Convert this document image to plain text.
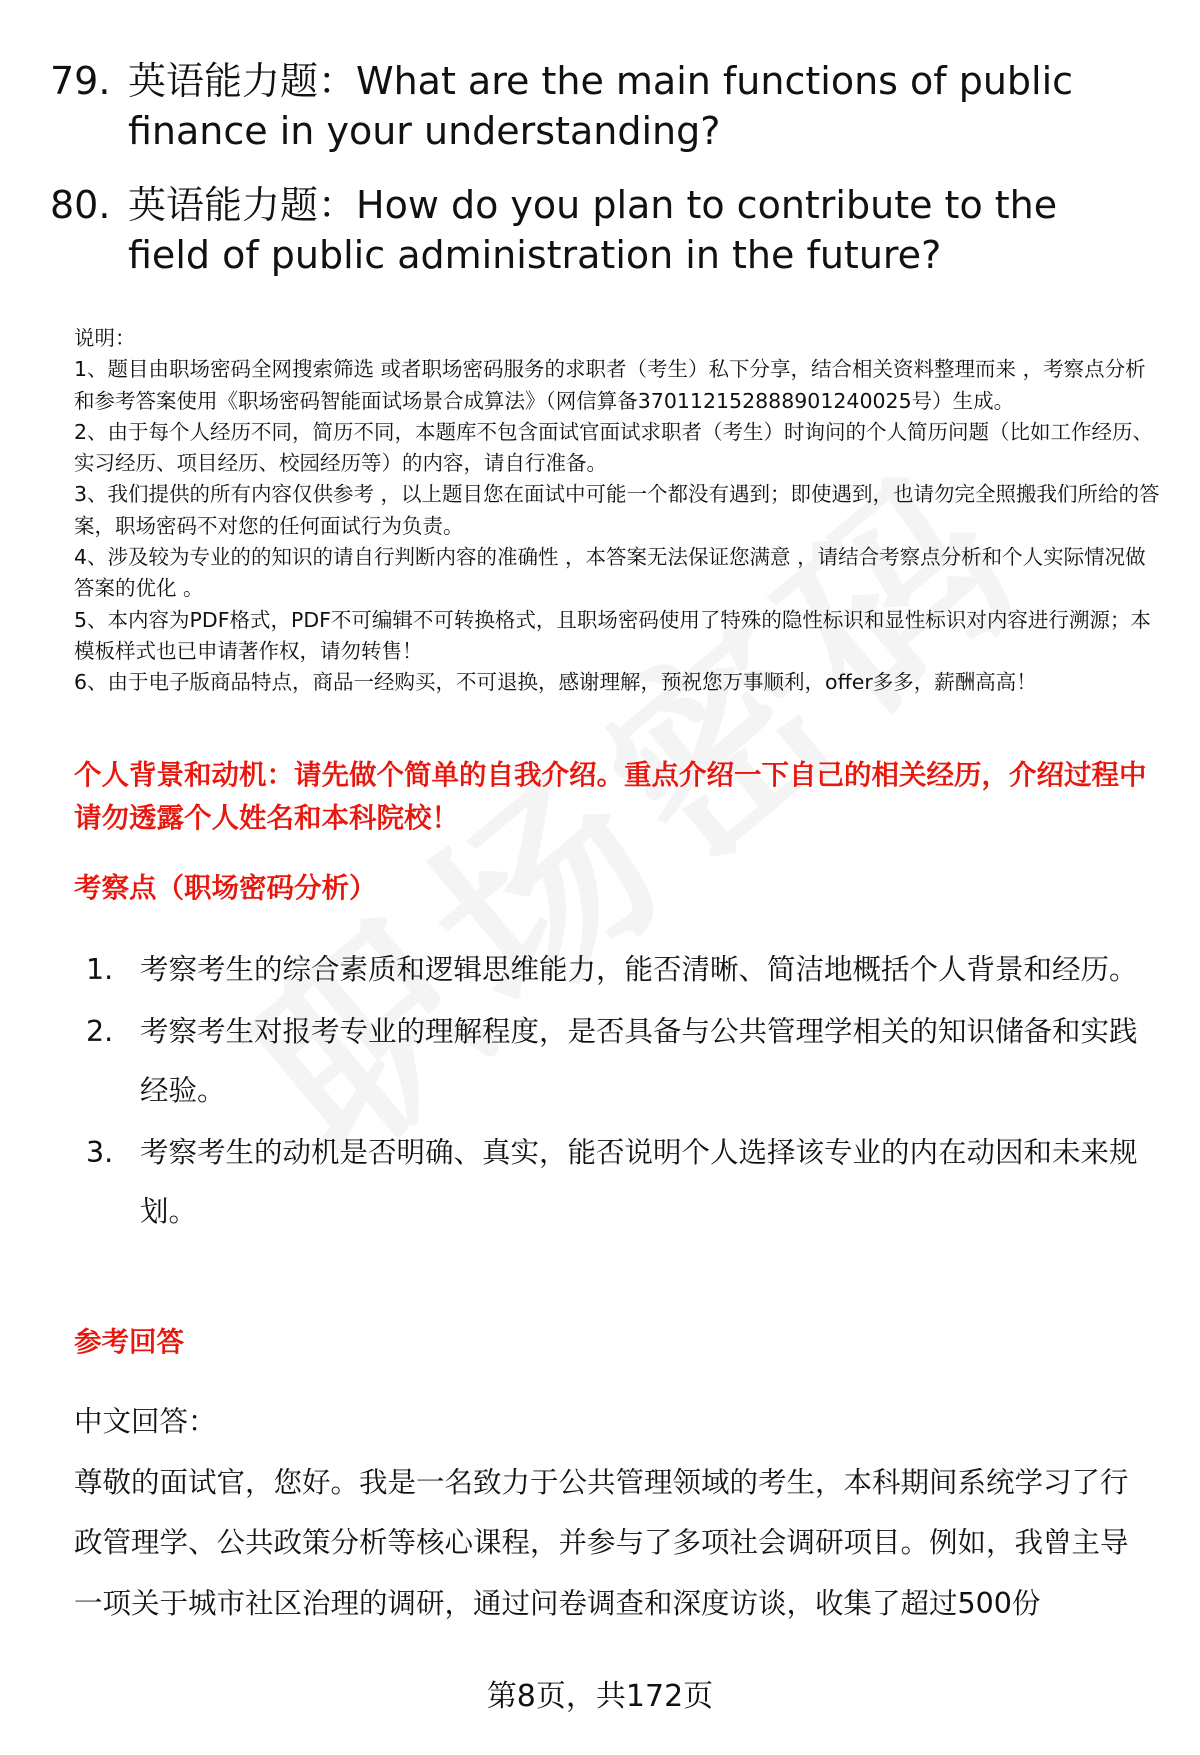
79. 英语能力题：What are the main functions of public finance in your understanding?
80. 英语能力题：How do you plan to contribute to the field of public administration in the future?

说明：

1、题目由职场密码全网搜索筛选 或者职场密码服务的求职者（考生）私下分享，结合相关资料整理而来 ，考察点分析和参考答案使用《职场密码智能面试场景合成算法》（网信算备370112152888901240025号）生成。

2、由于每个人经历不同，简历不同，本题库不包含面试官面试求职者（考生）时询问的个人简历问题（比如工作经历、实习经历、项目经历、校园经历等）的内容，请自行准备。

3、我们提供的所有内容仅供参考 ，以上题目您在面试中可能一个都没有遇到；即使遇到，也请勿完全照搬我们所给的答案，职场密码不对您的任何面试行为负责。

4、涉及较为专业的的知识的请自行判断内容的准确性 ，本答案无法保证您满意 ，请结合考察点分析和个人实际情况做答案的优化 。

5、本内容为PDF格式，PDF不可编辑不可转换格式，且职场密码使用了特殊的隐性标识和显性标识对内容进行溯源；本模板样式也已申请著作权，请勿转售！

6、由于电子版商品特点，商品一经购买，不可退换，感谢理解，预祝您万事顺利，offer多多，薪酬高高！

个人背景和动机：请先做个简单的自我介绍。重点介绍一下自己的相关经历，介绍过程中请勿透露个人姓名和本科院校！
考察点（职场密码分析）
1. 考察考生的综合素质和逻辑思维能力，能否清晰、简洁地概括个人背景和经历。
2. 考察考生对报考专业的理解程度，是否具备与公共管理学相关的知识储备和实践经验。
3. 考察考生的动机是否明确、真实，能否说明个人选择该专业的内在动因和未来规划。
参考回答

中文回答：

尊敬的面试官，您好。我是一名致力于公共管理领域的考生，本科期间系统学习了行政管理学、公共政策分析等核心课程，并参与了多项社会调研项目。例如，我曾主导一项关于城市社区治理的调研，通过问卷调查和深度访谈，收集了超过500份

第8页，共172页
